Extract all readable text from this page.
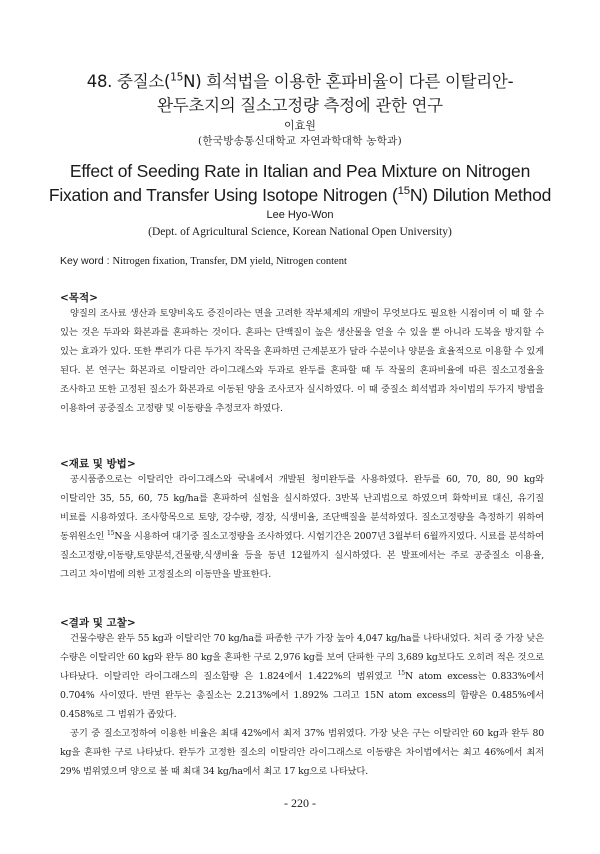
48. 중질소($^{15}$N) 희석법을 이용한 혼파비율이 다른 이탈리안-
완두초지의 질소고정량 측정에 관한 연구
이효원
(한국방송통신대학교 자연과학대학 농학과)
Effect of Seeding Rate in Italian and Pea Mixture on Nitrogen
Fixation and Transfer Using Isotope Nitrogen ($^{15}$N) Dilution Method
Lee Hyo-Won
(Dept. of Agricultural Science, Korean National Open University)
Key word : Nitrogen fixation, Transfer, DM yield, Nitrogen content
<목적>
양질의 조사료 생산과 토양비옥도 증진이라는 면을 고려한 작부체계의 개발이 무엇보다도 필요한 시점이며 이 때 할 수 있는 것은 두과와 화본과를 혼파하는 것이다. 혼파는 단백질이 높은 생산물을 얻을 수 있을 뿐 아니라 도복을 방지할 수 있는 효과가 있다. 또한 뿌리가 다른 두가지 작목을 혼파하면 근계분포가 달라 수분이나 양분을 효율적으로 이용할 수 있게 된다. 본 연구는 화본과로 이탈리안 라이그래스와 두과로 완두를 혼파할 때 두 작물의 혼파비율에 따른 질소고정율을 조사하고 또한 고정된 질소가 화본과로 이동된 양을 조사코자 실시하였다. 이 때 중질소 희석법과 차이법의 두가지 방법을 이용하여 공중질소 고정량 및 이동량을 추정코자 하였다.
<재료 및 방법>
공시품종으로는 이탈리안 라이그래스와 국내에서 개발된 청미완두를 사용하였다. 완두를 60, 70, 80, 90 kg와 이탈리안 35, 55, 60, 75 kg/ha를 혼파하여 실험을 실시하였다. 3반복 난괴법으로 하였으며 화학비료 대신, 유기질 비료를 시용하였다. 조사항목으로 토양, 강수량, 경장, 식생비율, 조단백질을 분석하였다. 질소고정량을 측정하기 위하여 동위원소인 $^{15}$N을 시용하여 대기중 질소고정량을 조사하였다. 시험기간은 2007년 3월부터 6월까지였다. 시료를 분석하여 질소고정량,이동량,토양분석,건물량,식생비율 등을 동년 12월까지 실시하였다. 본 발표에서는 주로 공중질소 이용율, 그리고 차이법에 의한 고정질소의 이동만을 발표한다.
<결과 및 고찰>
건물수량은 완두 55 kg과 이탈리안 70 kg/ha를 파종한 구가 가장 높아 4,047 kg/ha를 나타내었다. 처리 중 가장 낮은 수량은 이탈리안 60 kg와 완두 80 kg을 혼파한 구로 2,976 kg를 보여 단파한 구의 3,689 kg보다도 오히려 적은 것으로 나타났다. 이탈리안 라이그래스의 질소함량 은 1.824에서 1.422%의 범위였고 $^{15}$N atom excess는 0.833%에서 0.704% 사이였다. 반면 완두는 총질소는 2.213%에서 1.892% 그리고 15N atom excess의 함량은 0.485%에서 0.458%로 그 범위가 좁았다.
공기 중 질소고정하여 이용한 비율은 최대 42%에서 최저 37% 범위였다. 가장 낮은 구는 이탈리안 60 kg과 완두 80 kg을 혼파한 구로 나타났다. 완두가 고정한 질소의 이탈리안 라이그래스로 이동량은 차이법에서는 최고 46%에서 최저 29% 범위였으며 양으로 볼 때 최대 34 kg/ha에서 최고 17 kg으로 나타났다.
- 220 -
